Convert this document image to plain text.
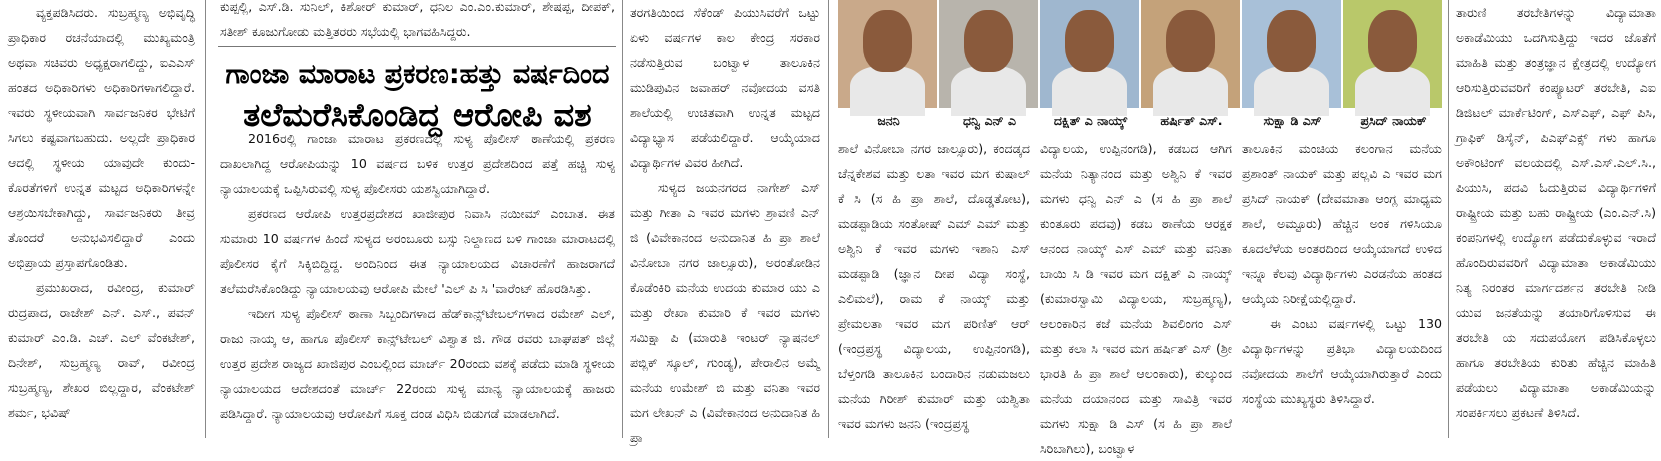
ವ್ಯಕ್ತಪಡಿಸಿದರು. ಸುಬ್ರಹ್ಮಣ್ಯ ಅಭಿವೃದ್ಧಿ ಪ್ರಾಧಿಕಾರ ರಚನೆಯಾದಲ್ಲಿ ಮುಖ್ಯಮಂತ್ರಿ ಅಥವಾ ಸಚಿವರು ಅಧ್ಯಕ್ಷರಾಗಲಿದ್ದು, ಐಎಎಸ್ ಹಂತದ ಅಧಿಕಾರಿಗಳು ಅಧಿಕಾರಿಗಳಾಗಲಿದ್ದಾರೆ. ಇವರು ಸ್ಥಳೀಯವಾಗಿ ಸಾರ್ವಜನಿಕರ ಭೇಟಿಗೆ ಸಿಗಲು ಕಷ್ಟವಾಗಬಹುದು. ಅಲ್ಲದೇ ಪ್ರಾಧಿಕಾರ ಆದಲ್ಲಿ ಸ್ಥಳೀಯ ಯಾವುದೇ ಕುಂದು-ಕೊರತೆಗಳಿಗೆ ಉನ್ನತ ಮಟ್ಟದ ಅಧಿಕಾರಿಗಳನ್ನೇ ಆಶ್ರಯಿಸಬೇಕಾಗಿದ್ದು, ಸಾರ್ವಜನಿಕರು ತೀವ್ರ ತೊಂದರೆ ಅನುಭವಿಸಲಿದ್ದಾರೆ ಎಂದು ಅಭಿಪ್ರಾಯ ಪ್ರಸ್ತಾಪಗೊಂಡಿತು.

ಪ್ರಮುಖರಾದ, ರವೀಂದ್ರ, ಕುಮಾರ್ ರುದ್ರಪಾದ, ರಾಜೇಶ್ ಎನ್. ಎಸ್., ಪವನ್ ಕುಮಾರ್ ಎಂ.ಡಿ. ಎಚ್. ಎಲ್ ವೆಂಕಟೇಶ್, ದಿನೇಶ್, ಸುಬ್ರಹ್ಮಣ್ಯ ರಾವ್, ರವೀಂದ್ರ ಸುಬ್ರಹ್ಮಣ್ಯ, ಶೇಖರ ಬಿಲ್ಲದ್ದಾರ, ವೆಂಕಟೇಶ್ ಶರ್ಮ, ಭವಿಷ್

ಕುಪ್ಪಲ್ಲಿ, ಎಸ್.ಡಿ. ಸುನಿಲ್, ಕಿಶೋರ್ ಕುಮಾರ್, ಧನಿಲ ಎಂ.ಎಂ.ಕುಮಾರ್, ಶೇಷಪ್ಪ, ದೀಪಕ್, ಸತೀಶ್ ಕೂಜುಗೋಡು ಮತ್ತಿತರರು ಸಭೆಯಲ್ಲಿ ಭಾಗವಹಿಸಿದ್ದರು.

2016ರಲ್ಲಿ ಗಾಂಜಾ ಮಾರಾಟ ಪ್ರಕರಣದಲ್ಲಿ ಸುಳ್ಯ ಪೊಲೀಸ್ ಠಾಣೆಯಲ್ಲಿ ಪ್ರಕರಣ ದಾಖಲಾಗಿದ್ದ ಆರೋಪಿಯನ್ನು 10 ವರ್ಷದ ಬಳಿಕ ಉತ್ತರ ಪ್ರದೇಶದಿಂದ ಪತ್ತೆ ಹಚ್ಚಿ ಸುಳ್ಯ ನ್ಯಾಯಾಲಯಕ್ಕೆ ಒಪ್ಪಿಸಿರುವಲ್ಲಿ ಸುಳ್ಯ ಪೊಲೀಸರು ಯಶಸ್ವಿಯಾಗಿದ್ದಾರೆ.

ಪ್ರಕರಣದ ಆರೋಪಿ ಉತ್ತರಪ್ರದೇಶದ ಖಾಜೀಪುರ ನಿವಾಸಿ ನಯೀಮ್ ಎಂಬಾತ. ಈತ ಸುಮಾರು 10 ವರ್ಷಗಳ ಹಿಂದೆ ಸುಳ್ಯದ ಅರಂಬೂರು ಬಸ್ಸು ನಿಲ್ದಾಣದ ಬಳಿ ಗಾಂಜಾ ಮಾರಾಟದಲ್ಲಿ ಪೊಲೀಸರ ಕೈಗೆ ಸಿಕ್ಕಿಬಿದ್ದಿದ್ದ. ಅಂದಿನಿಂದ ಈತ ನ್ಯಾಯಾಲಯದ ವಿಚಾರಣೆಗೆ ಹಾಜರಾಗದೆ ತಲೆಮರೆಸಿಕೊಂಡಿದ್ದು ನ್ಯಾಯಾಲಯವು ಆರೋಪಿ ಮೇಲೆ 'ಎಲ್ ಪಿ ಸಿ 'ವಾರೆಂಟ್ ಹೊರಡಿಸಿತ್ತು.

ಇದೀಗ ಸುಳ್ಯ ಪೊಲೀಸ್ ಠಾಣಾ ಸಿಬ್ಬಂದಿಗಳಾದ ಹೆಡ್‌ಕಾನ್ಸ್‌ಟೇಬಲ್‌ಗಳಾದ ರಮೇಶ್ ಎಲ್, ರಾಜು ನಾಯ್ಕ ಆ, ಹಾಗೂ ಪೊಲೀಸ್ ಕಾನ್ಸ್‌ಟೇಬಲ್ ವಿಶ್ವಾತ ಜಿ. ಗೌಡ ರವರು ಬಾಘಪತ್ ಜಿಲ್ಲೆ ಉತ್ತರ ಪ್ರದೇಶ ರಾಜ್ಯದ ಖಾಜಿಪುರ ಎಂಬಲ್ಲಿಂದ ಮಾರ್ಚ್ 20ರಂದು ವಶಕ್ಕೆ ಪಡೆದು ಮಾಡಿ ಸ್ಥಳೀಯ ನ್ಯಾಯಾಲಯದ ಆದೇಶದಂತೆ ಮಾರ್ಚ್ 22ರಂದು ಸುಳ್ಯ ಮಾನ್ಯ ನ್ಯಾಯಾಲಯಕ್ಕೆ ಹಾಜರು ಪಡಿಸಿದ್ದಾರೆ. ನ್ಯಾಯಾಲಯವು ಆರೋಪಿಗೆ ಸೂಕ್ತ ದಂಡ ವಿಧಿಸಿ ಬಿಡುಗಡೆ ಮಾಡಲಾಗಿದೆ.

ಗಾಂಜಾ ಮಾರಾಟ ಪ್ರಕರಣ:ಹತ್ತು ವರ್ಷದಿಂದ
ತಲೆಮರೆಸಿಕೊಂಡಿದ್ದ ಆರೋಪಿ ವಶ

ತರಗತಿಯಿಂದ ಸೆಕೆಂಡ್ ಪಿಯುಸಿವರೆಗೆ ಒಟ್ಟು ಏಳು ವರ್ಷಗಳ ಕಾಲ ಕೇಂದ್ರ ಸರಕಾರ ನಡೆಸುತ್ತಿರುವ ಬಂಟ್ವಾಳ ತಾಲೂಕಿನ ಮುಡಿಪುವಿನ ಜವಾಹರ್ ನವೋದಯ ವಸತಿ ಶಾಲೆಯಲ್ಲಿ ಉಚಿತವಾಗಿ ಉನ್ನತ ಮಟ್ಟದ ವಿದ್ಯಾಭ್ಯಾಸ ಪಡೆಯಲಿದ್ದಾರೆ. ಆಯ್ಕೆಯಾದ ವಿದ್ಯಾರ್ಥಿಗಳ ವಿವರ ಹೀಗಿದೆ.

ಸುಳ್ಯದ ಜಯನಗರದ ನಾಗೇಶ್ ಎಸ್ ಮತ್ತು ಗೀತಾ ಎ ಇವರ ಮಗಳು ಶ್ರಾವಣಿ ಎನ್ ಜಿ (ವಿವೇಕಾನಂದ ಅನುದಾನಿತ ಹಿ ಪ್ರಾ ಶಾಲೆ ವಿನೋಬಾ ನಗರ ಜಾಲ್ಸೂರು), ಅರಂತೋಡಿನ ಕೊಡೆಂಕಿರಿ ಮನೆಯ ಉದಯ ಕುಮಾರ ಯು ಎ ಮತ್ತು ರೇಖಾ ಕುಮಾರಿ ಕೆ ಇವರ ಮಗಳು ಸಮಿಕ್ಷಾ ಪಿ (ಮಾರುತಿ ಇಂಟರ್ ನ್ಯಾಷನಲ್ ಪಬ್ಲಿಕ್ ಸ್ಕೂಲ್, ಗುಂಡ್ಯ), ಪೇರಾಲಿನ ಅಮ್ಮೆ ಮನೆಯ ಉಮೇಶ್ ಬಿ ಮತ್ತು ವನಿತಾ ಇವರ ಮಗ ಲೇಖನ್ ಎ (ವಿವೇಕಾನಂದ ಅನುದಾನಿತ ಹಿ ಪ್ರಾ

ಜನನಿ	ಧನ್ವಿ ಎನ್ ಎ	ದಕ್ಷಿತ್ ಎ ನಾಯ್ಕ್	ಹರ್ಷಿತ್ ಎಸ್.	ಸುಕ್ಷಾ ಡಿ ಎಸ್	ಪ್ರಸಿದ್ ನಾಯಕ್

ಶಾಲೆ ವಿನೋಬಾ ನಗರ ಜಾಲ್ಸೂರು), ಕಂದಡ್ಕದ ಚೆನ್ನಕೇಶವ ಮತ್ತು ಲತಾ ಇವರ ಮಗ ಕುಷಾಲ್ ಕೆ ಸಿ (ಸ ಹಿ ಪ್ರಾ ಶಾಲೆ, ದೊಡ್ಡತೋಟ), ಮಡಪ್ಪಾಡಿಯ ಸಂತೋಷ್ ಎಮ್ ಎಮ್ ಮತ್ತು ಅಶ್ವಿನಿ ಕೆ ಇವರ ಮಗಳು ಇಶಾನಿ ಎಸ್ ಮಡಪ್ಪಾಡಿ (ಜ್ಞಾನ ದೀಪ ವಿದ್ಯಾ ಸಂಸ್ಥೆ, ಎಲಿಮಲೆ), ರಾಮ ಕೆ ನಾಯ್ಕ್ ಮತ್ತು ಪ್ರೇಮಲತಾ ಇವರ ಮಗ ಪರಿಣಿತ್ ಆರ್ (ಇಂದ್ರಪ್ರಸ್ಥ ವಿದ್ಯಾಲಯ, ಉಪ್ಪಿನಂಗಡಿ), ಬೆಳ್ತಂಗಡಿ ತಾಲೂಕಿನ ಬಂದಾರಿನ ನಡುಮಜಲು ಮನೆಯ ಗಿರೀಶ್ ಕುಮಾರ್ ಮತ್ತು ಯಶ್ವಿತಾ ಇವರ ಮಗಳು ಜನನಿ (ಇಂದ್ರಪ್ರಸ್ಥ

ವಿದ್ಯಾಲಯ, ಉಪ್ಪಿನಂಗಡಿ), ಕಡಬದ ಆಗಿಗ ಮನೆಯ ನಿತ್ಯಾನಂದ ಮತ್ತು ಅಶ್ವಿನಿ ಕೆ ಇವರ ಮಗಳು ಧನ್ವಿ ಎನ್ ಎ (ಸ ಹಿ ಪ್ರಾ ಶಾಲೆ ಕುಂತೂರು ಪದವು) ಕಡಬ ಠಾಣೆಯ ಆರಕ್ಷಕ ಆನಂದ ನಾಯ್ಕ್ ಎಸ್ ಎಮ್ ಮತ್ತು ವನಿತಾ ಬಾಯಿ ಸಿ ಡಿ ಇವರ ಮಗ ದಕ್ಷಿತ್ ಎ ನಾಯ್ಕ್ (ಕುಮಾರಸ್ವಾಮಿ ವಿದ್ಯಾಲಯ, ಸುಬ್ರಹ್ಮಣ್ಯ), ಆಲಂಕಾರಿನ ಕಜೆ ಮನೆಯ ಶಿವಲಿಂಗಂ ಎಸ್ ಮತ್ತು ಕಲಾ ಸಿ ಇವರ ಮಗ ಹರ್ಷಿತ್ ಎಸ್ (ಶ್ರೀ ಭಾರತಿ ಹಿ ಪ್ರಾ ಶಾಲೆ ಆಲಂಕಾರು), ಕುಲ್ಕುಂದ ಮನೆಯ ದಯಾನಂದ ಮತ್ತು ಸಾವಿತ್ರಿ ಇವರ ಮಗಳು ಸುಕ್ಷಾ ಡಿ ಎಸ್ (ಸ ಹಿ ಪ್ರಾ ಶಾಲೆ ಸಿರಿಬಾಗಿಲು), ಬಂಟ್ವಾಳ

ತಾಲೂಕಿನ ಮಂಚಿಯ ಕಲಂಗಾನ ಮನೆಯ ಪ್ರಶಾಂತ್ ನಾಯಕ್ ಮತ್ತು ಪಲ್ಲವಿ ಎ ಇವರ ಮಗ ಪ್ರಸಿದ್ ನಾಯಕ್ (ದೇವಮಾತಾ ಆಂಗ್ಲ ಮಾಧ್ಯಮ ಶಾಲೆ, ಅಮ್ಟೂರು) ಹೆಚ್ಚಿನ ಅಂಕ ಗಳಿಸಿಯೂ ಕೂದಲೆಳೆಯ ಅಂತರದಿಂದ ಆಯ್ಕೆಯಾಗದೆ ಉಳಿದ ಇನ್ನೂ ಕೆಲವು ವಿದ್ಯಾರ್ಥಿಗಳು ಎರಡನೆಯ ಹಂತದ ಆಯ್ಕೆಯ ನಿರೀಕ್ಷೆಯಲ್ಲಿದ್ದಾರೆ.

ಈ ಎಂಟು ವರ್ಷಗಳಲ್ಲಿ ಒಟ್ಟು 130 ವಿದ್ಯಾರ್ಥಿಗಳನ್ನು ಪ್ರತಿಭಾ ವಿದ್ಯಾಲಯದಿಂದ ನವೋದಯ ಶಾಲೆಗೆ ಆಯ್ಕೆಯಾಗಿರುತ್ತಾರೆ ಎಂದು ಸಂಸ್ಥೆಯ ಮುಖ್ಯಸ್ಥರು ತಿಳಿಸಿದ್ದಾರೆ.

ತಾರುಣಿ ತರಬೇತಿಗಳನ್ನು ವಿದ್ಯಾಮಾತಾ ಅಕಾಡೆಮಿಯು ಒದಗಿಸುತ್ತಿದ್ದು ಇದರ ಜೊತೆಗೆ ಮಾಹಿತಿ ಮತ್ತು ತಂತ್ರಜ್ಞಾನ ಕ್ಷೇತ್ರದಲ್ಲಿ ಉದ್ಯೋಗ ಆರಿಸುತ್ತಿರುವವರಿಗೆ ಕಂಪ್ಯೂಟರ್ ತರಬೇತಿ, ಎಐ ಡಿಜಿಟಲ್ ಮಾರ್ಕೆಟಿಂಗ್, ಎಸ್‌ಎಫ್, ಎಫ್ ಪಿಸಿ, ಗ್ರಾಫಿಕ್ ಡಿಸೈನ್, ಪಿಎಫ್‌ಎಕ್ಸ್ ಗಳು ಹಾಗೂ ಅಕೌಂಟಿಂಗ್ ವಲಯದಲ್ಲಿ ಎಸ್.ಎಸ್.ಎಲ್.ಸಿ., ಪಿಯುಸಿ, ಪದವಿ ಓದುತ್ತಿರುವ ವಿದ್ಯಾರ್ಥಿಗಳಿಗೆ ರಾಷ್ಟ್ರೀಯ ಮತ್ತು ಬಹು ರಾಷ್ಟ್ರೀಯ (ಎಂ.ಎನ್.ಸಿ) ಕಂಪನಿಗಳಲ್ಲಿ ಉದ್ಯೋಗ ಪಡೆದುಕೊಳ್ಳುವ ಇರಾದೆ ಹೊಂದಿರುವವರಿಗೆ ವಿದ್ಯಾಮಾತಾ ಅಕಾಡೆಮಿಯು ನಿತ್ಯ ನಿರಂತರ ಮಾರ್ಗದರ್ಶನ ತರಬೇತಿ ನೀಡಿ ಯುವ ಜನತೆಯನ್ನು ತಯಾರಿಗೊಳಿಸುವ ಈ ತರಬೇತಿ ಯ ಸದುಪಯೋಗ ಪಡಿಸಿಕೊಳ್ಳಲು ಹಾಗೂ ತರಬೇತಿಯ ಕುರಿತು ಹೆಚ್ಚಿನ ಮಾಹಿತಿ ಪಡೆಯಲು ವಿದ್ಯಾಮಾತಾ ಅಕಾಡೆಮಿಯನ್ನು ಸಂಪರ್ಕಿಸಲು ಪ್ರಕಟಣೆ ತಿಳಿಸಿದೆ.
